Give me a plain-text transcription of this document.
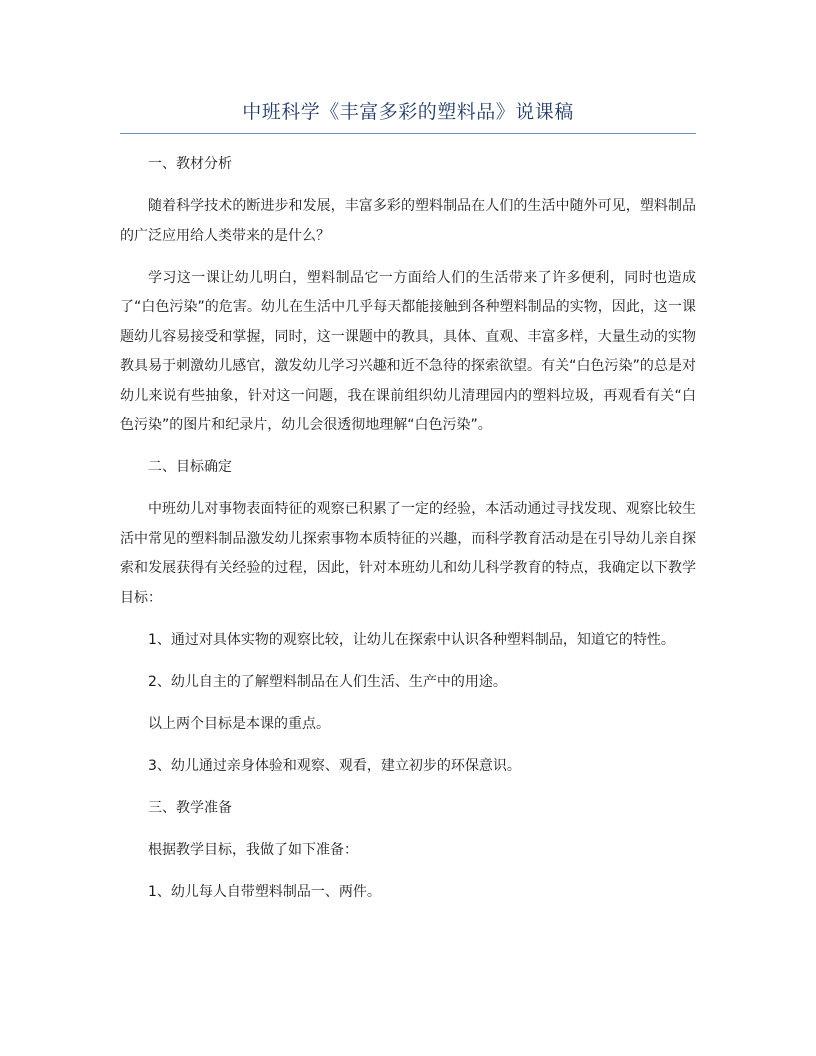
中班科学《丰富多彩的塑料品》说课稿

一、教材分析

随着科学技术的断进步和发展，丰富多彩的塑料制品在人们的生活中随外可见，塑料制品的广泛应用给人类带来的是什么？

学习这一课让幼儿明白，塑料制品它一方面给人们的生活带来了许多便利，同时也造成了“白色污染”的危害。幼儿在生活中几乎每天都能接触到各种塑料制品的实物，因此，这一课题幼儿容易接受和掌握，同时，这一课题中的教具，具体、直观、丰富多样，大量生动的实物教具易于刺激幼儿感官，激发幼儿学习兴趣和近不急待的探索欲望。有关“白色污染”的总是对幼儿来说有些抽象，针对这一问题，我在课前组织幼儿清理园内的塑料垃圾，再观看有关“白色污染”的图片和纪录片，幼儿会很透彻地理解“白色污染”。

二、目标确定

中班幼儿对事物表面特征的观察已积累了一定的经验，本活动通过寻找发现、观察比较生活中常见的塑料制品激发幼儿探索事物本质特征的兴趣，而科学教育活动是在引导幼儿亲自探索和发展获得有关经验的过程，因此，针对本班幼儿和幼儿科学教育的特点，我确定以下教学目标：

1、通过对具体实物的观察比较，让幼儿在探索中认识各种塑料制品，知道它的特性。

2、幼儿自主的了解塑料制品在人们生活、生产中的用途。

以上两个目标是本课的重点。

3、幼儿通过亲身体验和观察、观看，建立初步的环保意识。

三、教学准备

根据教学目标，我做了如下准备：

1、幼儿每人自带塑料制品一、两件。
